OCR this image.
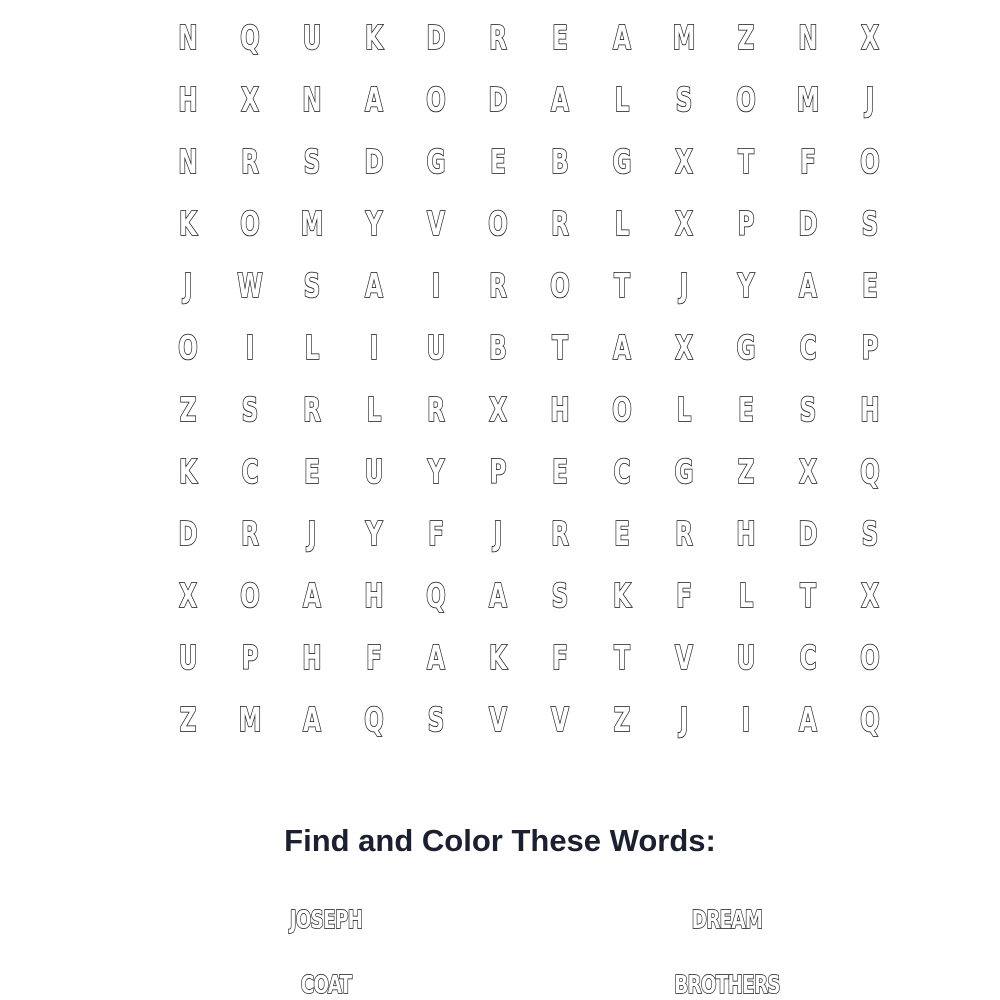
N	Q	U	K	D	R	E	A	M	Z	N	X
H	X	N	A	O	D	A	L	S	O	M	J
N	R	S	D	G	E	B	G	X	T	F	O
K	O	M	Y	V	O	R	L	X	P	D	S
J	W	S	A	I	R	O	T	J	Y	A	E
O	I	L	I	U	B	T	A	X	G	C	P
Z	S	R	L	R	X	H	O	L	E	S	H
K	C	E	U	Y	P	E	C	G	Z	X	Q
D	R	J	Y	F	J	R	E	R	H	D	S
X	O	A	H	Q	A	S	K	F	L	T	X
U	P	H	F	A	K	F	T	V	U	C	O
Z	M	A	Q	S	V	V	Z	J	I	A	Q
Find and Color These Words:
JOSEPH	DREAM
COAT	BROTHERS
